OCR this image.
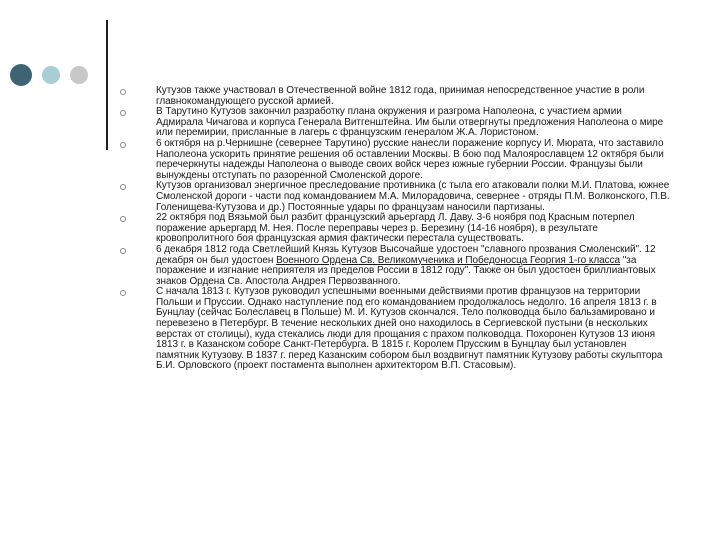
Кутузов также участвовал в Отечественной войне 1812 года, принимая непосредственное участие в роли главнокомандующего русской армией.
В Тарутино Кутузов закончил разработку плана окружения и разгрома Наполеона, с участием армии Адмирала Чичагова и корпуса Генерала Витгенштейна. Им были отвергнуты предложения Наполеона о мире или перемирии, присланные в лагерь с французским генералом Ж.А. Лористоном.
6 октября на р.Чернишне (севернее Тарутино) русские нанесли поражение корпусу И. Мюрата, что заставило Наполеона ускорить принятие решения об оставлении Москвы. В бою под Малоярославцем 12 октября были перечеркнуты надежды Наполеона о выводе своих войск через южные губернии России. Французы были вынуждены отступать по разоренной Смоленской дороге.
Кутузов организовал энергичное преследование противника (с тыла его атаковали полки М.И. Платова, южнее Смоленской дороги - части под командованием М.А. Милорадовича, севернее - отряды П.М. Волконского, П.В. Голенищева-Кутузова и др.) Постоянные удары по французам наносили партизаны.
22 октября под Вязьмой был разбит французский арьергард Л. Даву. 3-6 ноября под Красным потерпел поражение арьергард М. Нея. После переправы через р. Березину (14-16 ноября), в результате кровопролитного боя французская армия фактически перестала существовать.
6 декабря 1812 года Светлейший Князь Кутузов Высочайше удостоен "славного прозвания Смоленский". 12 декабря он был удостоен Военного Ордена Св. Великомученика и Победоносца Георгия 1-го класса "за поражение и изгнание неприятеля из пределов России в 1812 году". Также он был удостоен бриллиантовых знаков Ордена Св. Апостола Андрея Первозванного.
С начала 1813 г. Кутузов руководил успешными военными действиями против французов на территории Польши и Пруссии. Однако наступление под его командованием продолжалось недолго. 16 апреля 1813 г. в Бунцлау (сейчас Болеславец в Польше) М. И. Кутузов скончался. Тело полководца было бальзамировано и перевезено в Петербург. В течение нескольких дней оно находилось в Сергиевской пустыни (в нескольких верстах от столицы), куда стекались люди для прощания с прахом полководца. Похоронен Кутузов 13 июня 1813 г. в Казанском соборе Санкт-Петербурга. В 1815 г. Королем Прусским в Бунцлау был установлен памятник Кутузову. В 1837 г. перед Казанским собором был воздвигнут памятник Кутузову работы скульптора Б.И. Орловского (проект постамента выполнен архитектором В.П. Стасовым).
